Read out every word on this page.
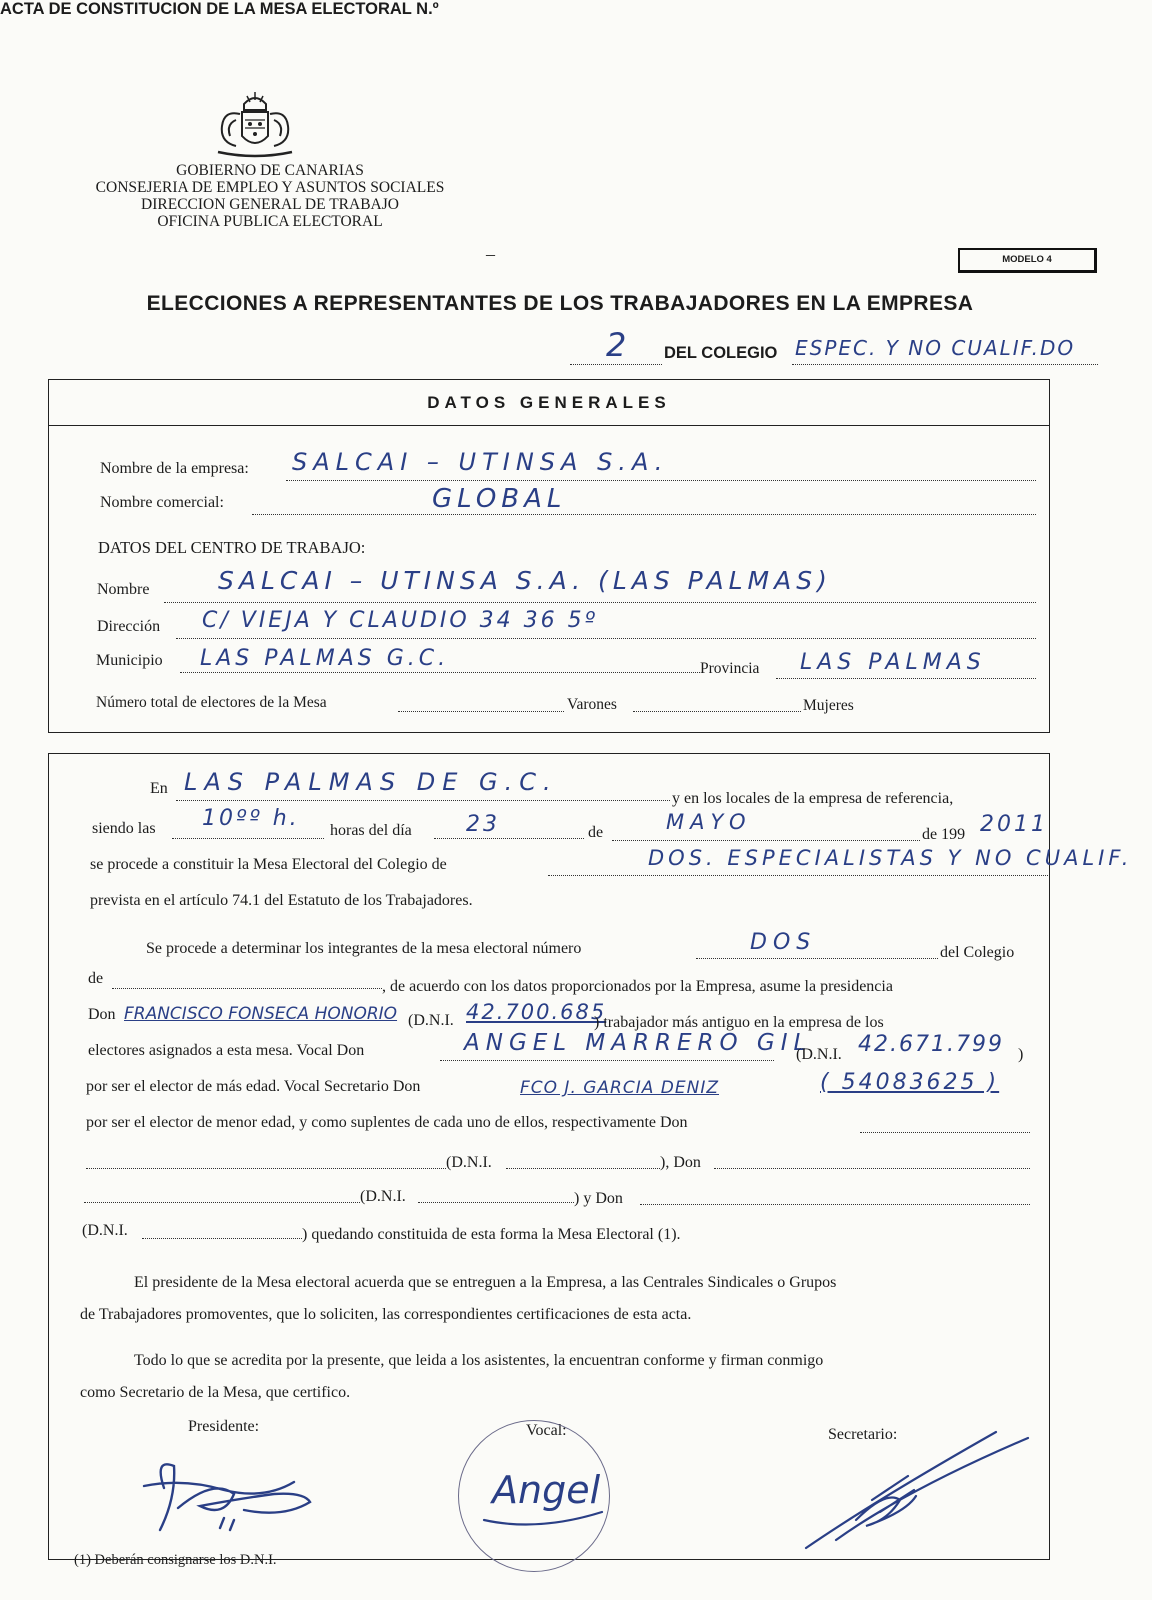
GOBIERNO DE CANARIAS
CONSEJERIA DE EMPLEO Y ASUNTOS SOCIALES
DIRECCION GENERAL DE TRABAJO
OFICINA PUBLICA ELECTORAL
–	MODELO 4
ELECCIONES A REPRESENTANTES DE LOS TRABAJADORES EN LA EMPRESA
ACTA DE CONSTITUCION DE LA MESA ELECTORAL N.º
2 DEL COLEGIO ESPEC. Y NO CUALIF.DO
DATOS GENERALES
Nombre de la empresa: SALCAI – UTINSA S.A.
Nombre comercial:	GLOBAL
DATOS DEL CENTRO DE TRABAJO:
Nombre	SALCAI – UTINSA S.A. (LAS PALMAS)
Dirección C/ VIEJA Y CLAUDIO 34 36 5º
Municipio LAS PALMAS G.C.	Provincia LAS PALMAS
Número total de electores de la Mesa	Varones	Mujeres
En LAS PALMAS DE G.C.
y en los locales de la empresa de referencia,
siendo las 10ºº h. horas del día 23	de	MAYO
de 199 2011
se procede a constituir la Mesa Electoral del Colegio de	DOS. ESPECIALISTAS Y NO CUALIF.
prevista en el artículo 74.1 del Estatuto de los Trabajadores.
Se procede a determinar los integrantes de la mesa electoral número	DOS	del Colegio
de	, de acuerdo con los datos proporcionados por la Empresa, asume la presidencia
Don FRANCISCO FONSECA HONORIO (D.N.I. 42.700.685
) trabajador más antiguo en la empresa de los
electores asignados a esta mesa. Vocal Don	ANGEL MARRERO GIL
(D.N.I. 42.671.799 )
por ser el elector de más edad. Vocal Secretario Don	FCO J. GARCIA DENIZ	( 54083625 )
por ser el elector de menor edad, y como suplentes de cada uno de ellos, respectivamente Don
(D.N.I.	), Don
(D.N.I.	) y Don
(D.N.I.	) quedando constituida de esta forma la Mesa Electoral (1).
El presidente de la Mesa electoral acuerda que se entreguen a la Empresa, a las Centrales Sindicales o Grupos
de Trabajadores promoventes, que lo soliciten, las correspondientes certificaciones de esta acta.
Todo lo que se acredita por la presente, que leida a los asistentes, la encuentran conforme y firman conmigo
como Secretario de la Mesa, que certifico.
Presidente:	Vocal:	Secretario:
Angel
(1) Deberán consignarse los D.N.I.
